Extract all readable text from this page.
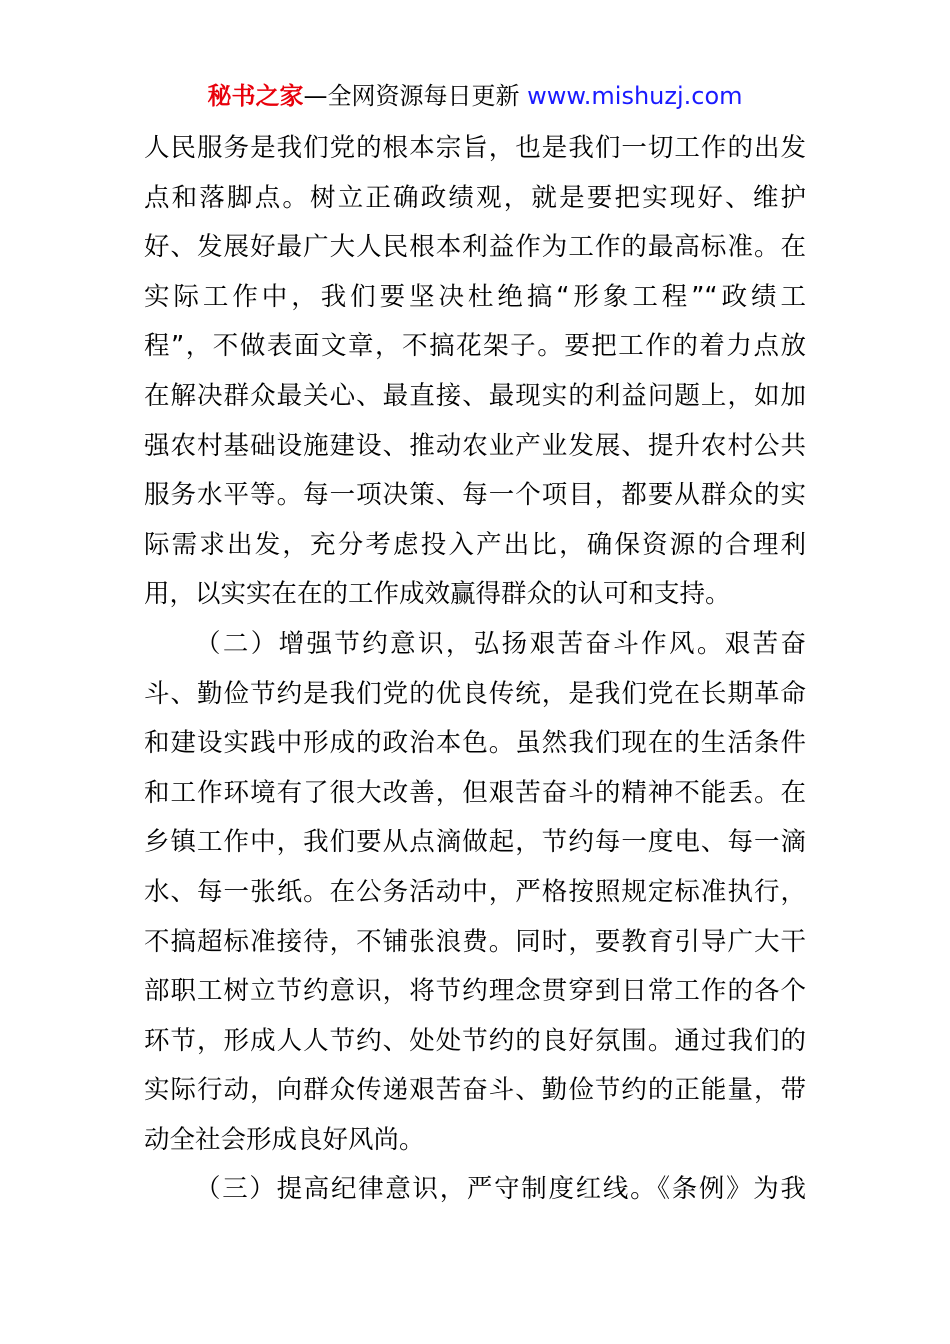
秘书之家—全网资源每日更新 www.mishuzj.com
人民服务是我们党的根本宗旨，也是我们一切工作的出发
点和落脚点。树立正确政绩观，就是要把实现好、维护
好、发展好最广大人民根本利益作为工作的最高标准。在
实际工作中，我们要坚决杜绝搞“形象工程”“政绩工
程”，不做表面文章，不搞花架子。要把工作的着力点放
在解决群众最关心、最直接、最现实的利益问题上，如加
强农村基础设施建设、推动农业产业发展、提升农村公共
服务水平等。每一项决策、每一个项目，都要从群众的实
际需求出发，充分考虑投入产出比，确保资源的合理利
用，以实实在在的工作成效赢得群众的认可和支持。
（二）增强节约意识，弘扬艰苦奋斗作风。艰苦奋
斗、勤俭节约是我们党的优良传统，是我们党在长期革命
和建设实践中形成的政治本色。虽然我们现在的生活条件
和工作环境有了很大改善，但艰苦奋斗的精神不能丢。在
乡镇工作中，我们要从点滴做起，节约每一度电、每一滴
水、每一张纸。在公务活动中，严格按照规定标准执行，
不搞超标准接待，不铺张浪费。同时，要教育引导广大干
部职工树立节约意识，将节约理念贯穿到日常工作的各个
环节，形成人人节约、处处节约的良好氛围。通过我们的
实际行动，向群众传递艰苦奋斗、勤俭节约的正能量，带
动全社会形成良好风尚。
（三）提高纪律意识，严守制度红线。《条例》为我
